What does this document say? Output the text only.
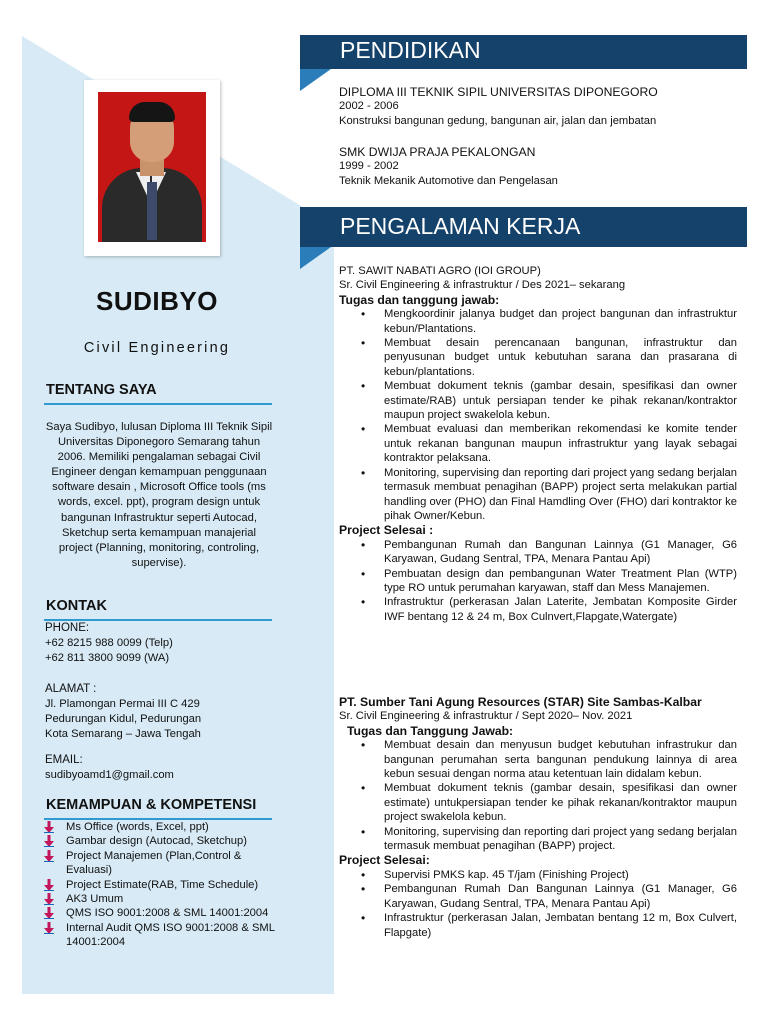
SUDIBYO
Civil Engineering
TENTANG SAYA
Saya Sudibyo, lulusan Diploma III Teknik Sipil Universitas Diponegoro Semarang tahun 2006. Memiliki pengalaman sebagai Civil Engineer dengan kemampuan penggunaan software desain , Microsoft Office tools (ms words, excel. ppt), program design untuk bangunan Infrastruktur seperti Autocad, Sketchup serta kemampuan manajerial project (Planning, monitoring, controling, supervise).
KONTAK
PHONE:
+62 8215 988 0099 (Telp)
+62 811 3800 9099 (WA)
ALAMAT :
Jl. Plamongan Permai III C 429
Pedurungan Kidul, Pedurungan
Kota Semarang – Jawa Tengah
EMAIL:
sudibyoamd1@gmail.com
KEMAMPUAN & KOMPETENSI
Ms Office (words, Excel, ppt)
Gambar design (Autocad, Sketchup)
Project Manajemen (Plan,Control & Evaluasi)
Project Estimate(RAB, Time Schedule)
AK3 Umum
QMS ISO 9001:2008 & SML 14001:2004
Internal Audit QMS ISO 9001:2008 & SML 14001:2004
PENDIDIKAN
DIPLOMA III TEKNIK SIPIL UNIVERSITAS DIPONEGORO
2002 - 2006
Konstruksi bangunan gedung, bangunan air, jalan dan jembatan
SMK DWIJA PRAJA PEKALONGAN
1999 - 2002
Teknik Mekanik Automotive dan Pengelasan
PENGALAMAN KERJA
PT. SAWIT NABATI AGRO (IOI GROUP)
Sr. Civil Engineering & infrastruktur / Des 2021– sekarang
Tugas dan tanggung jawab:
• Mengkoordinir jalanya budget dan project bangunan dan infrastruktur kebun/Plantations.
• Membuat desain perencanaan bangunan, infrastruktur dan penyusunan budget untuk kebutuhan sarana dan prasarana di kebun/plantations.
• Membuat dokument teknis (gambar desain, spesifikasi dan owner estimate/RAB) untuk persiapan tender ke pihak rekanan/kontraktor maupun project swakelola kebun.
• Membuat evaluasi dan memberikan rekomendasi ke komite tender untuk rekanan bangunan maupun infrastruktur yang layak sebagai kontraktor pelaksana.
• Monitoring, supervising dan reporting dari project yang sedang berjalan termasuk membuat penagihan (BAPP) project serta melakukan partial handling over (PHO) dan Final Hamdling Over (FHO) dari kontraktor ke pihak Owner/Kebun.
Project Selesai :
• Pembangunan Rumah dan Bangunan Lainnya (G1 Manager, G6 Karyawan, Gudang Sentral, TPA, Menara Pantau Api)
• Pembuatan design dan pembangunan Water Treatment Plan (WTP) type RO untuk perumahan karyawan, staff dan Mess Manajemen.
• Infrastruktur (perkerasan Jalan Laterite, Jembatan Komposite Girder IWF bentang 12 & 24 m, Box Culnvert,Flapgate,Watergate)
PT. Sumber Tani Agung Resources (STAR) Site Sambas-Kalbar
Sr. Civil Engineering & infrastruktur / Sept 2020– Nov. 2021
Tugas dan Tanggung Jawab:
• Membuat desain dan menyusun budget kebutuhan infrastrukur dan bangunan perumahan serta bangunan pendukung lainnya di area kebun sesuai dengan norma atau ketentuan lain didalam kebun.
• Membuat dokument teknis (gambar desain, spesifikasi dan owner estimate) untukpersiapan tender ke pihak rekanan/kontraktor maupun project swakelola kebun.
• Monitoring, supervising dan reporting dari project yang sedang berjalan termasuk membuat penagihan (BAPP) project.
Project Selesai:
• Supervisi PMKS kap. 45 T/jam (Finishing Project)
• Pembangunan Rumah Dan Bangunan Lainnya (G1 Manager, G6 Karyawan, Gudang Sentral, TPA, Menara Pantau Api)
• Infrastruktur (perkerasan Jalan, Jembatan bentang 12 m, Box Culvert, Flapgate)
